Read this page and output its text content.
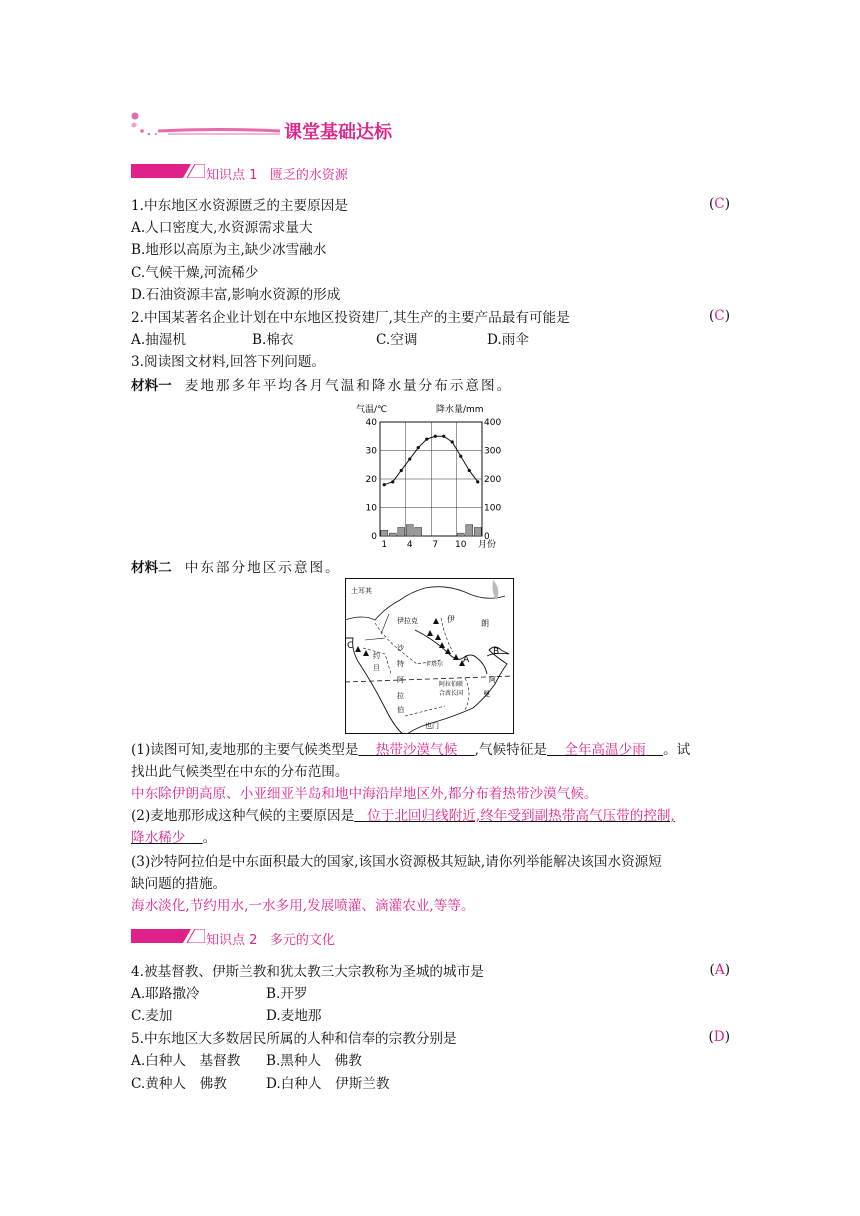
课堂基础达标
知识点 1 匮乏的水资源
1.中东地区水资源匮乏的主要原因是	(C)
A.人口密度大,水资源需求量大
B.地形以高原为主,缺少冰雪融水
C.气候干燥,河流稀少
D.石油资源丰富,影响水资源的形成
2.中国某著名企业计划在中东地区投资建厂,其生产的主要产品最有可能是	(C)
A.抽湿机	B.棉衣	C.空调	D.雨伞
3.阅读图文材料,回答下列问题。
材料一 麦地那多年平均各月气温和降水量分布示意图。
0
10
20
30
40
0
100
200
300
400
1 4 7 10 月份
气温/℃	降水量/mm
材料二 中东部分地区示意图。
土耳其
伊拉克	伊	朗
沙
特
阿
拉
伯
约
旦	卡塔尔
阿拉伯联
合酋长国
阿
曼
也门
A
B
C
(1)读图可知,麦地那的主要气候类型是 热带沙漠气候 ,气候特征是 全年高温少雨 。试
找出此气候类型在中东的分布范围。
中东除伊朗高原、小亚细亚半岛和地中海沿岸地区外,都分布着热带沙漠气候。
(2)麦地那形成这种气候的主要原因是 位于北回归线附近,终年受到副热带高气压带的控制,
降水稀少 。
(3)沙特阿拉伯是中东面积最大的国家,该国水资源极其短缺,请你列举能解决该国水资源短
缺问题的措施。
海水淡化,节约用水,一水多用,发展喷灌、滴灌农业,等等。
知识点 2 多元的文化
4.被基督教、伊斯兰教和犹太教三大宗教称为圣城的城市是	(A)
A.耶路撒冷	B.开罗
C.麦加	D.麦地那
5.中东地区大多数居民所属的人种和信奉的宗教分别是	(D)
A.白种人　基督教 B.黑种人　佛教
C.黄种人　佛教	D.白种人　伊斯兰教
